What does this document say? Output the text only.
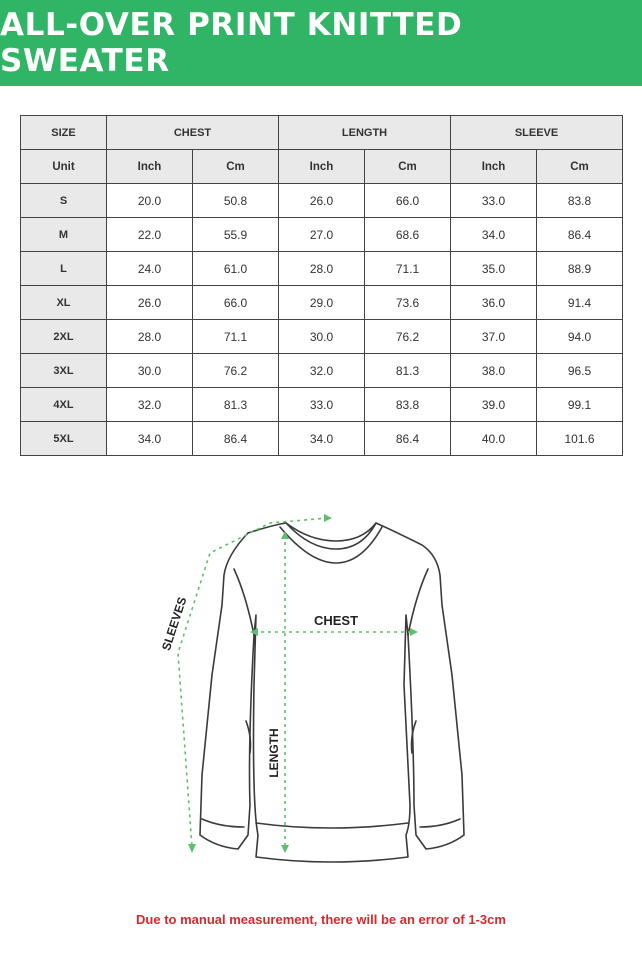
ALL-OVER PRINT KNITTED SWEATER
SIZE	CHEST		LENGTH		SLEEVE	
Unit	Inch	Cm	Inch	Cm	Inch	Cm
S	20.0	50.8	26.0	66.0	33.0	83.8
M	22.0	55.9	27.0	68.6	34.0	86.4
L	24.0	61.0	28.0	71.1	35.0	88.9
XL	26.0	66.0	29.0	73.6	36.0	91.4
2XL	28.0	71.1	30.0	76.2	37.0	94.0
3XL	30.0	76.2	32.0	81.3	38.0	96.5
4XL	32.0	81.3	33.0	83.8	39.0	99.1
5XL	34.0	86.4	34.0	86.4	40.0	101.6
CHEST
LENGTH
SLEEVES
Due to manual measurement, there will be an error of 1-3cm
